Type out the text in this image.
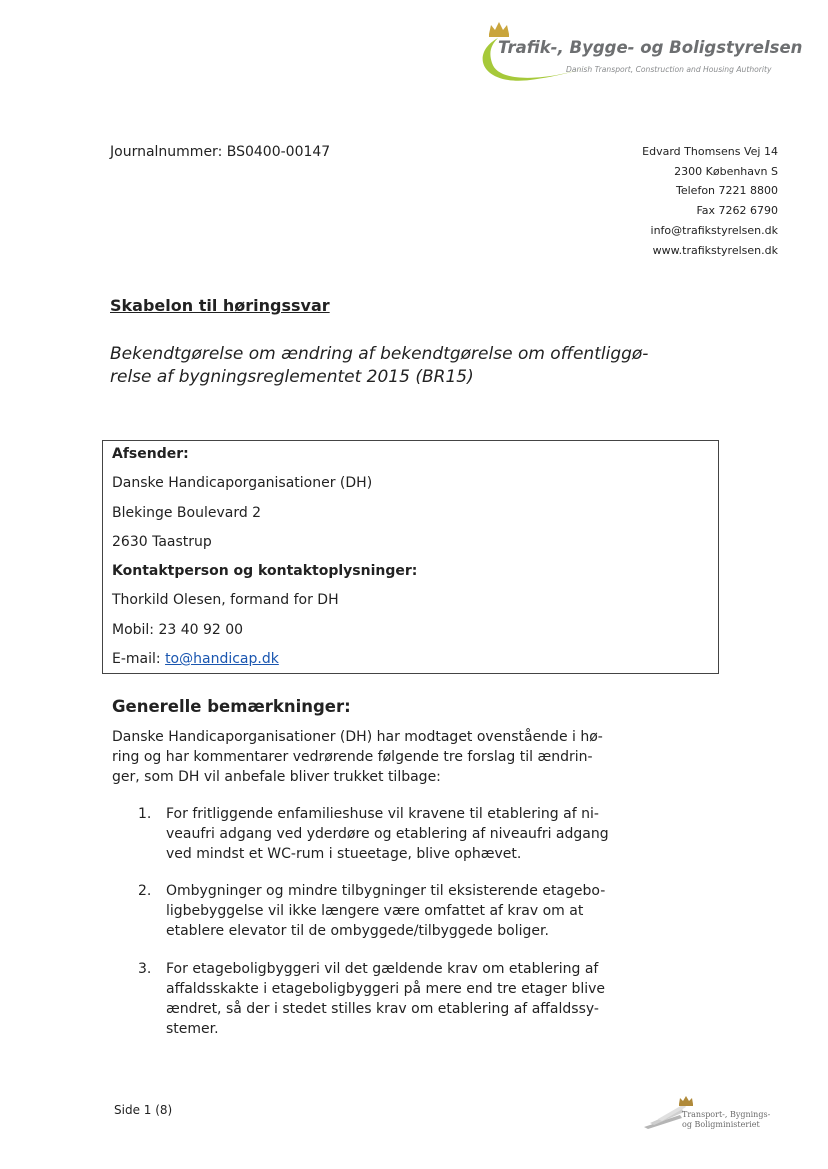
Trafik-, Bygge- og Boligstyrelsen
Danish Transport, Construction and Housing Authority
Journalnummer: BS0400-00147	Edvard Thomsens Vej 14
2300 København S
Telefon 7221 8800
Fax 7262 6790
info@trafikstyrelsen.dk
www.trafikstyrelsen.dk
Skabelon til høringssvar
Bekendtgørelse om ændring af bekendtgørelse om offentliggø-
relse af bygningsreglementet 2015 (BR15)
Afsender:
Danske Handicaporganisationer (DH)
Blekinge Boulevard 2
2630 Taastrup
Kontaktperson og kontaktoplysninger:
Thorkild Olesen, formand for DH
Mobil: 23 40 92 00
E-mail: to@handicap.dk
Generelle bemærkninger:
Danske Handicaporganisationer (DH) har modtaget ovenstående i hø-
ring og har kommentarer vedrørende følgende tre forslag til ændrin-
ger, som DH vil anbefale bliver trukket tilbage:
1.	For fritliggende enfamilieshuse vil kravene til etablering af ni-
veaufri adgang ved yderdøre og etablering af niveaufri adgang
ved mindst et WC-rum i stueetage, blive ophævet.
2.	Ombygninger og mindre tilbygninger til eksisterende etagebo-
ligbebyggelse vil ikke længere være omfattet af krav om at
etablere elevator til de ombyggede/tilbyggede boliger.
3.	For etageboligbyggeri vil det gældende krav om etablering af
affaldsskakte i etageboligbyggeri på mere end tre etager blive
ændret, så der i stedet stilles krav om etablering af affaldssy-
stemer.
Side 1 (8)	Transport-, Bygnings-
og Boligministeriet
